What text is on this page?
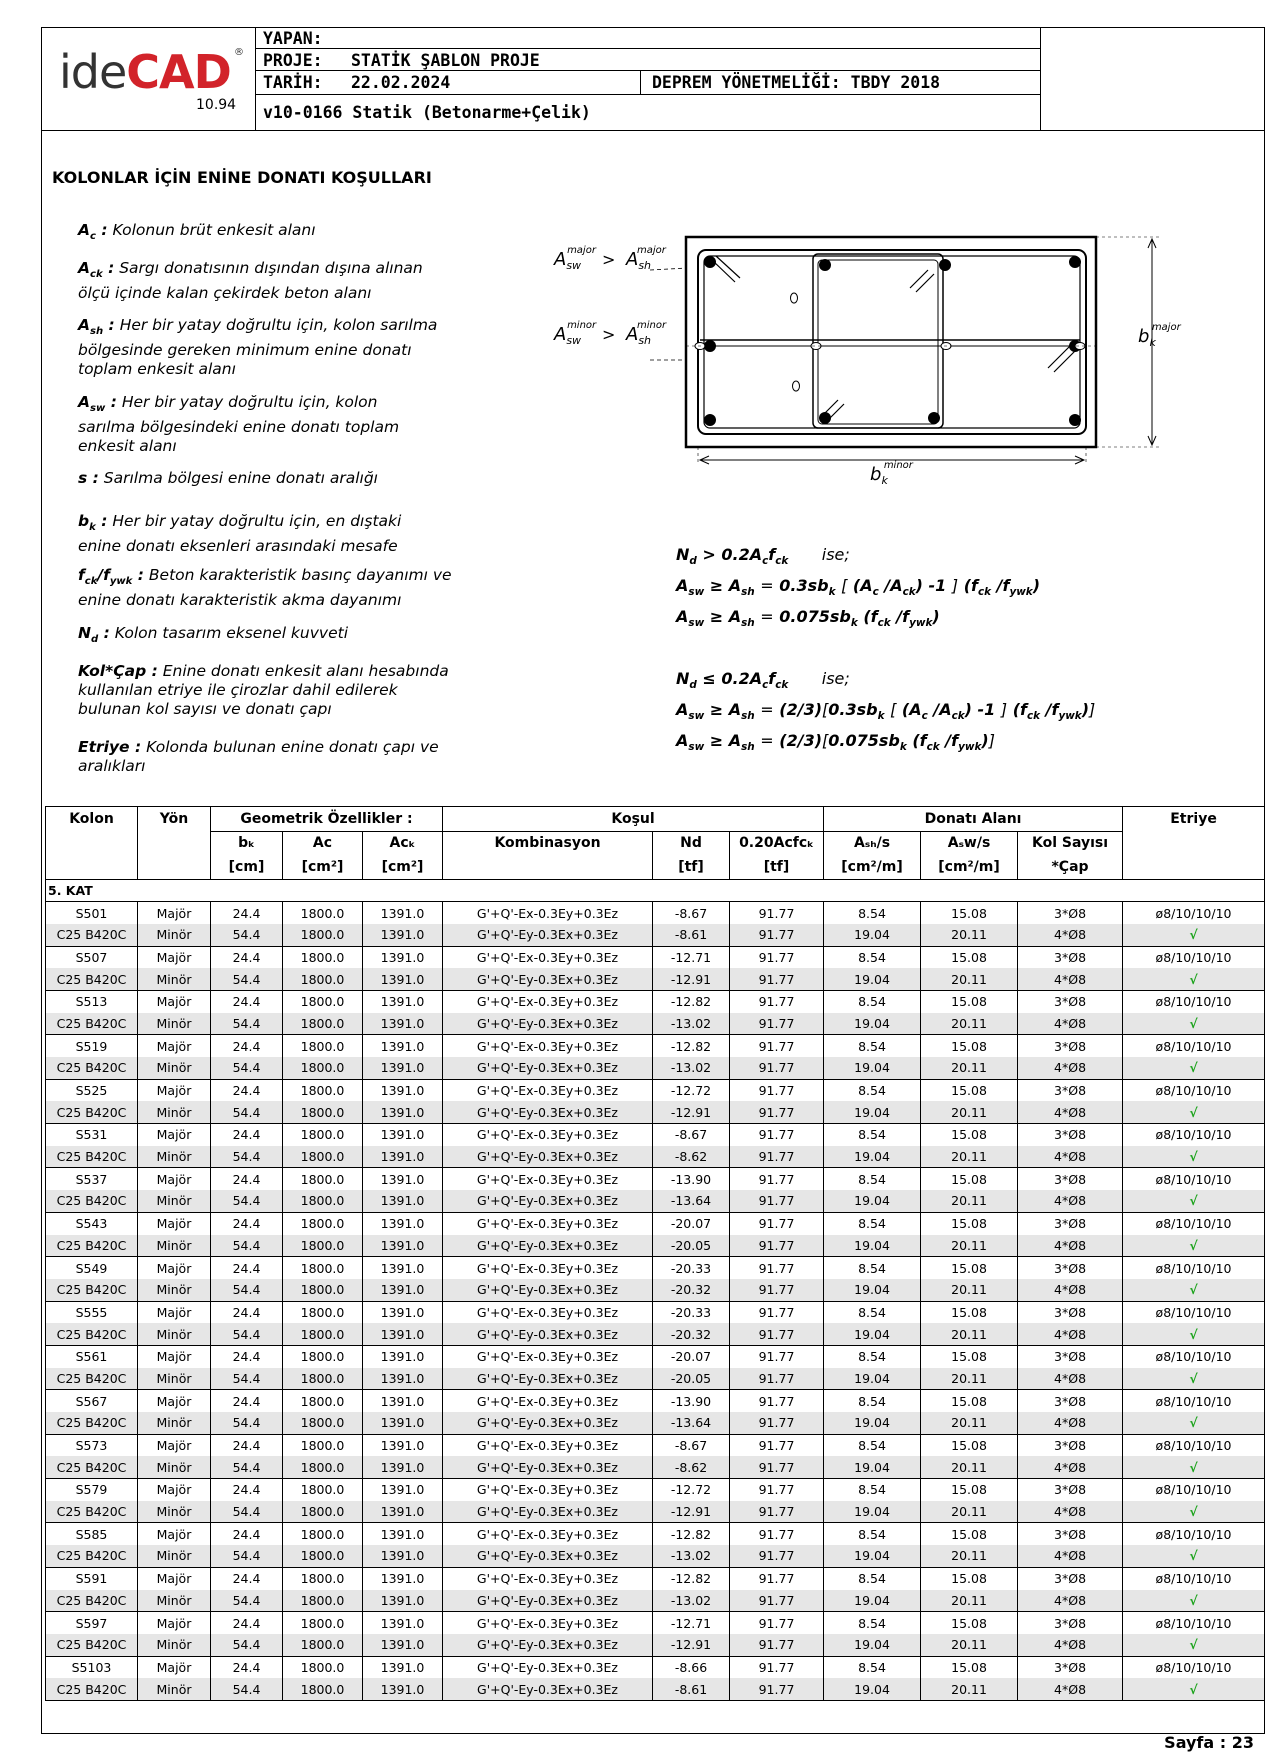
ideCAD ®
10.94
YAPAN:
PROJE: STATİK ŞABLON PROJE
TARİH: 22.02.2024	DEPREM YÖNETMELİĞİ: TBDY 2018
v10-0166 Statik (Betonarme+Çelik)
KOLONLAR İÇİN ENİNE DONATI KOŞULLARI
$A_c$ : Kolonun brüt enkesit alanı
$A_{ck}$ : Sargı donatısının dışından dışına alınan ölçü içinde kalan çekirdek beton alanı
$A_{sh}$ : Her bir yatay doğrultu için, kolon sarılma bölgesinde gereken minimum enine donatı toplam enkesit alanı
$A_{sw}$ : Her bir yatay doğrultu için, kolon sarılma bölgesindeki enine donatı toplam enkesit alanı
s : Sarılma bölgesi enine donatı aralığı
$b_k$ : Her bir yatay doğrultu için, en dıştaki enine donatı eksenleri arasındaki mesafe
$f_{ck}/f_{ywk}$ : Beton karakteristik basınç dayanımı ve enine donatı karakteristik akma dayanımı
$N_d$ : Kolon tasarım eksenel kuvveti
Kol*Çap : Enine donatı enkesit alanı hesabında kullanılan etriye ile çirozlar dahil edilerek bulunan kol sayısı ve donatı çapı
Etriye : Kolonda bulunan enine donatı çapı ve aralıkları
$A_{sw}major$ > $A_{sh}major$
$A_{sw}minor$ > $A_{sh}minor$
$b_kmajor$
$b_kminor$
$N_d > 0.2A_cf_{ck}$ ise;
$A_{sw} \ge A_{sh} = 0.3sb_k$ [ ($A_c$ $/A_{ck}$) -1 ] ($f_{ck}$ $/f_{ywk}$)
$A_{sw} \ge A_{sh} = 0.075sb_k$ ($f_{ck}$ $/f_{ywk}$)
$N_d \le 0.2A_cf_{ck}$ ise;
$A_{sw} \ge A_{sh} = (2/3)[0.3sb_k$ [ ($A_c$ $/A_{ck}$) -1 ] ($f_{ck}$ $/f_{ywk}$)]
$A_{sw} \ge A_{sh} = (2/3)[0.075sb_k$ ($f_{ck}$ $/f_{ywk}$)]
Kolon	Yön	Geometrik Özellikler :			Koşul			Donatı Alanı			Etriye
		bₖ	Aᴄ	Aᴄₖ	Kombinasyon	Nd	0.20Aᴄfᴄₖ	Aₛₕ/s	Aₛw/s	Kol Sayısı	
		[cm]	[cm²]	[cm²]		[tf]	[tf]	[cm²/m]	[cm²/m]	*Çap	
5. KAT											
S501	Majör	24.4	1800.0	1391.0	G'+Q'-Ex-0.3Ey+0.3Ez	-8.67	91.77	8.54	15.08	3*Ø8	ø8/10/10/10
C25 B420C	Minör	54.4	1800.0	1391.0	G'+Q'-Ey-0.3Ex+0.3Ez	-8.61	91.77	19.04	20.11	4*Ø8	√
S507	Majör	24.4	1800.0	1391.0	G'+Q'-Ex-0.3Ey+0.3Ez	-12.71	91.77	8.54	15.08	3*Ø8	ø8/10/10/10
C25 B420C	Minör	54.4	1800.0	1391.0	G'+Q'-Ey-0.3Ex+0.3Ez	-12.91	91.77	19.04	20.11	4*Ø8	√
S513	Majör	24.4	1800.0	1391.0	G'+Q'-Ex-0.3Ey+0.3Ez	-12.82	91.77	8.54	15.08	3*Ø8	ø8/10/10/10
C25 B420C	Minör	54.4	1800.0	1391.0	G'+Q'-Ey-0.3Ex+0.3Ez	-13.02	91.77	19.04	20.11	4*Ø8	√
S519	Majör	24.4	1800.0	1391.0	G'+Q'-Ex-0.3Ey+0.3Ez	-12.82	91.77	8.54	15.08	3*Ø8	ø8/10/10/10
C25 B420C	Minör	54.4	1800.0	1391.0	G'+Q'-Ey-0.3Ex+0.3Ez	-13.02	91.77	19.04	20.11	4*Ø8	√
S525	Majör	24.4	1800.0	1391.0	G'+Q'-Ex-0.3Ey+0.3Ez	-12.72	91.77	8.54	15.08	3*Ø8	ø8/10/10/10
C25 B420C	Minör	54.4	1800.0	1391.0	G'+Q'-Ey-0.3Ex+0.3Ez	-12.91	91.77	19.04	20.11	4*Ø8	√
S531	Majör	24.4	1800.0	1391.0	G'+Q'-Ex-0.3Ey+0.3Ez	-8.67	91.77	8.54	15.08	3*Ø8	ø8/10/10/10
C25 B420C	Minör	54.4	1800.0	1391.0	G'+Q'-Ey-0.3Ex+0.3Ez	-8.62	91.77	19.04	20.11	4*Ø8	√
S537	Majör	24.4	1800.0	1391.0	G'+Q'-Ex-0.3Ey+0.3Ez	-13.90	91.77	8.54	15.08	3*Ø8	ø8/10/10/10
C25 B420C	Minör	54.4	1800.0	1391.0	G'+Q'-Ey-0.3Ex+0.3Ez	-13.64	91.77	19.04	20.11	4*Ø8	√
S543	Majör	24.4	1800.0	1391.0	G'+Q'-Ex-0.3Ey+0.3Ez	-20.07	91.77	8.54	15.08	3*Ø8	ø8/10/10/10
C25 B420C	Minör	54.4	1800.0	1391.0	G'+Q'-Ey-0.3Ex+0.3Ez	-20.05	91.77	19.04	20.11	4*Ø8	√
S549	Majör	24.4	1800.0	1391.0	G'+Q'-Ex-0.3Ey+0.3Ez	-20.33	91.77	8.54	15.08	3*Ø8	ø8/10/10/10
C25 B420C	Minör	54.4	1800.0	1391.0	G'+Q'-Ey-0.3Ex+0.3Ez	-20.32	91.77	19.04	20.11	4*Ø8	√
S555	Majör	24.4	1800.0	1391.0	G'+Q'-Ex-0.3Ey+0.3Ez	-20.33	91.77	8.54	15.08	3*Ø8	ø8/10/10/10
C25 B420C	Minör	54.4	1800.0	1391.0	G'+Q'-Ey-0.3Ex+0.3Ez	-20.32	91.77	19.04	20.11	4*Ø8	√
S561	Majör	24.4	1800.0	1391.0	G'+Q'-Ex-0.3Ey+0.3Ez	-20.07	91.77	8.54	15.08	3*Ø8	ø8/10/10/10
C25 B420C	Minör	54.4	1800.0	1391.0	G'+Q'-Ey-0.3Ex+0.3Ez	-20.05	91.77	19.04	20.11	4*Ø8	√
S567	Majör	24.4	1800.0	1391.0	G'+Q'-Ex-0.3Ey+0.3Ez	-13.90	91.77	8.54	15.08	3*Ø8	ø8/10/10/10
C25 B420C	Minör	54.4	1800.0	1391.0	G'+Q'-Ey-0.3Ex+0.3Ez	-13.64	91.77	19.04	20.11	4*Ø8	√
S573	Majör	24.4	1800.0	1391.0	G'+Q'-Ex-0.3Ey+0.3Ez	-8.67	91.77	8.54	15.08	3*Ø8	ø8/10/10/10
C25 B420C	Minör	54.4	1800.0	1391.0	G'+Q'-Ey-0.3Ex+0.3Ez	-8.62	91.77	19.04	20.11	4*Ø8	√
S579	Majör	24.4	1800.0	1391.0	G'+Q'-Ex-0.3Ey+0.3Ez	-12.72	91.77	8.54	15.08	3*Ø8	ø8/10/10/10
C25 B420C	Minör	54.4	1800.0	1391.0	G'+Q'-Ey-0.3Ex+0.3Ez	-12.91	91.77	19.04	20.11	4*Ø8	√
S585	Majör	24.4	1800.0	1391.0	G'+Q'-Ex-0.3Ey+0.3Ez	-12.82	91.77	8.54	15.08	3*Ø8	ø8/10/10/10
C25 B420C	Minör	54.4	1800.0	1391.0	G'+Q'-Ey-0.3Ex+0.3Ez	-13.02	91.77	19.04	20.11	4*Ø8	√
S591	Majör	24.4	1800.0	1391.0	G'+Q'-Ex-0.3Ey+0.3Ez	-12.82	91.77	8.54	15.08	3*Ø8	ø8/10/10/10
C25 B420C	Minör	54.4	1800.0	1391.0	G'+Q'-Ey-0.3Ex+0.3Ez	-13.02	91.77	19.04	20.11	4*Ø8	√
S597	Majör	24.4	1800.0	1391.0	G'+Q'-Ex-0.3Ey+0.3Ez	-12.71	91.77	8.54	15.08	3*Ø8	ø8/10/10/10
C25 B420C	Minör	54.4	1800.0	1391.0	G'+Q'-Ey-0.3Ex+0.3Ez	-12.91	91.77	19.04	20.11	4*Ø8	√
S5103	Majör	24.4	1800.0	1391.0	G'+Q'-Ey-0.3Ex+0.3Ez	-8.66	91.77	8.54	15.08	3*Ø8	ø8/10/10/10
C25 B420C	Minör	54.4	1800.0	1391.0	G'+Q'-Ey-0.3Ex+0.3Ez	-8.61	91.77	19.04	20.11	4*Ø8	√
Sayfa : 23
